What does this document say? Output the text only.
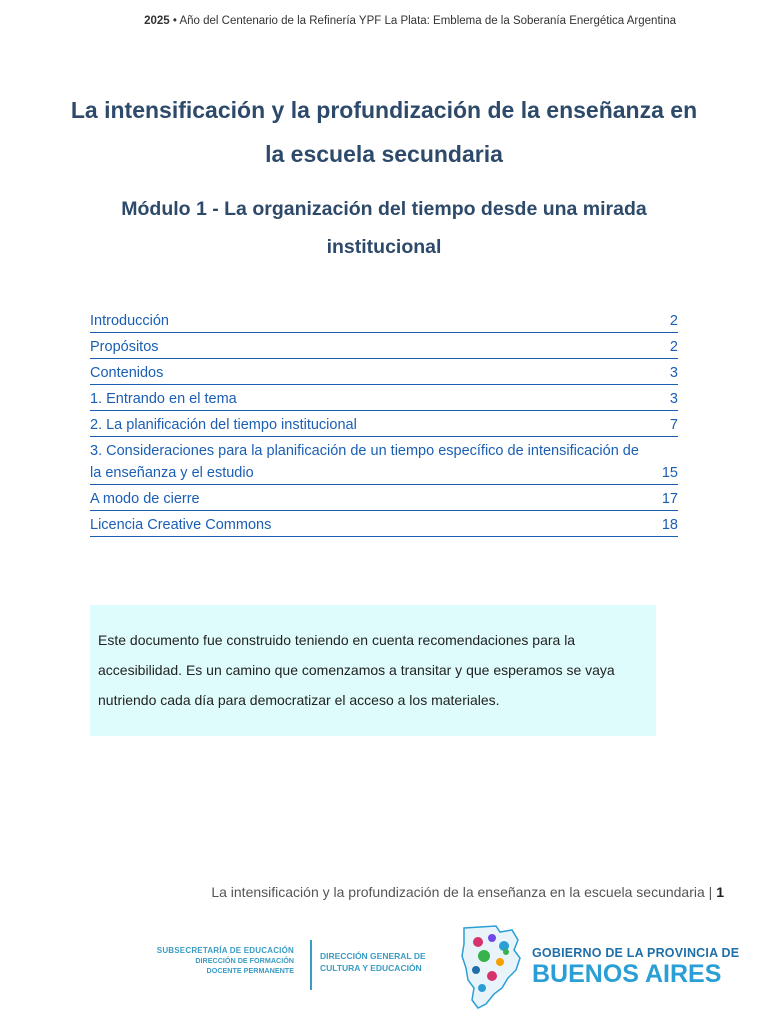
2025 • Año del Centenario de la Refinería YPF La Plata: Emblema de la Soberanía Energética Argentina
La intensificación y la profundización de la enseñanza en la escuela secundaria
Módulo 1 - La organización del tiempo desde una mirada institucional
Introducción	2
Propósitos	2
Contenidos	3
1. Entrando en el tema	3
2. La planificación del tiempo institucional	7
3. Consideraciones para la planificación de un tiempo específico de intensificación de la enseñanza y el estudio	15
A modo de cierre	17
Licencia Creative Commons	18
Este documento fue construido teniendo en cuenta recomendaciones para la accesibilidad. Es un camino que comenzamos a transitar y que esperamos se vaya nutriendo cada día para democratizar el acceso a los materiales.
La intensificación y la profundización de la enseñanza en la escuela secundaria | 1
SUBSECRETARÍA DE EDUCACIÓN
DIRECCIÓN DE FORMACIÓN
DOCENTE PERMANENTE
DIRECCIÓN GENERAL DE
CULTURA Y EDUCACIÓN
GOBIERNO DE LA PROVINCIA DE
BUENOS AIRES
